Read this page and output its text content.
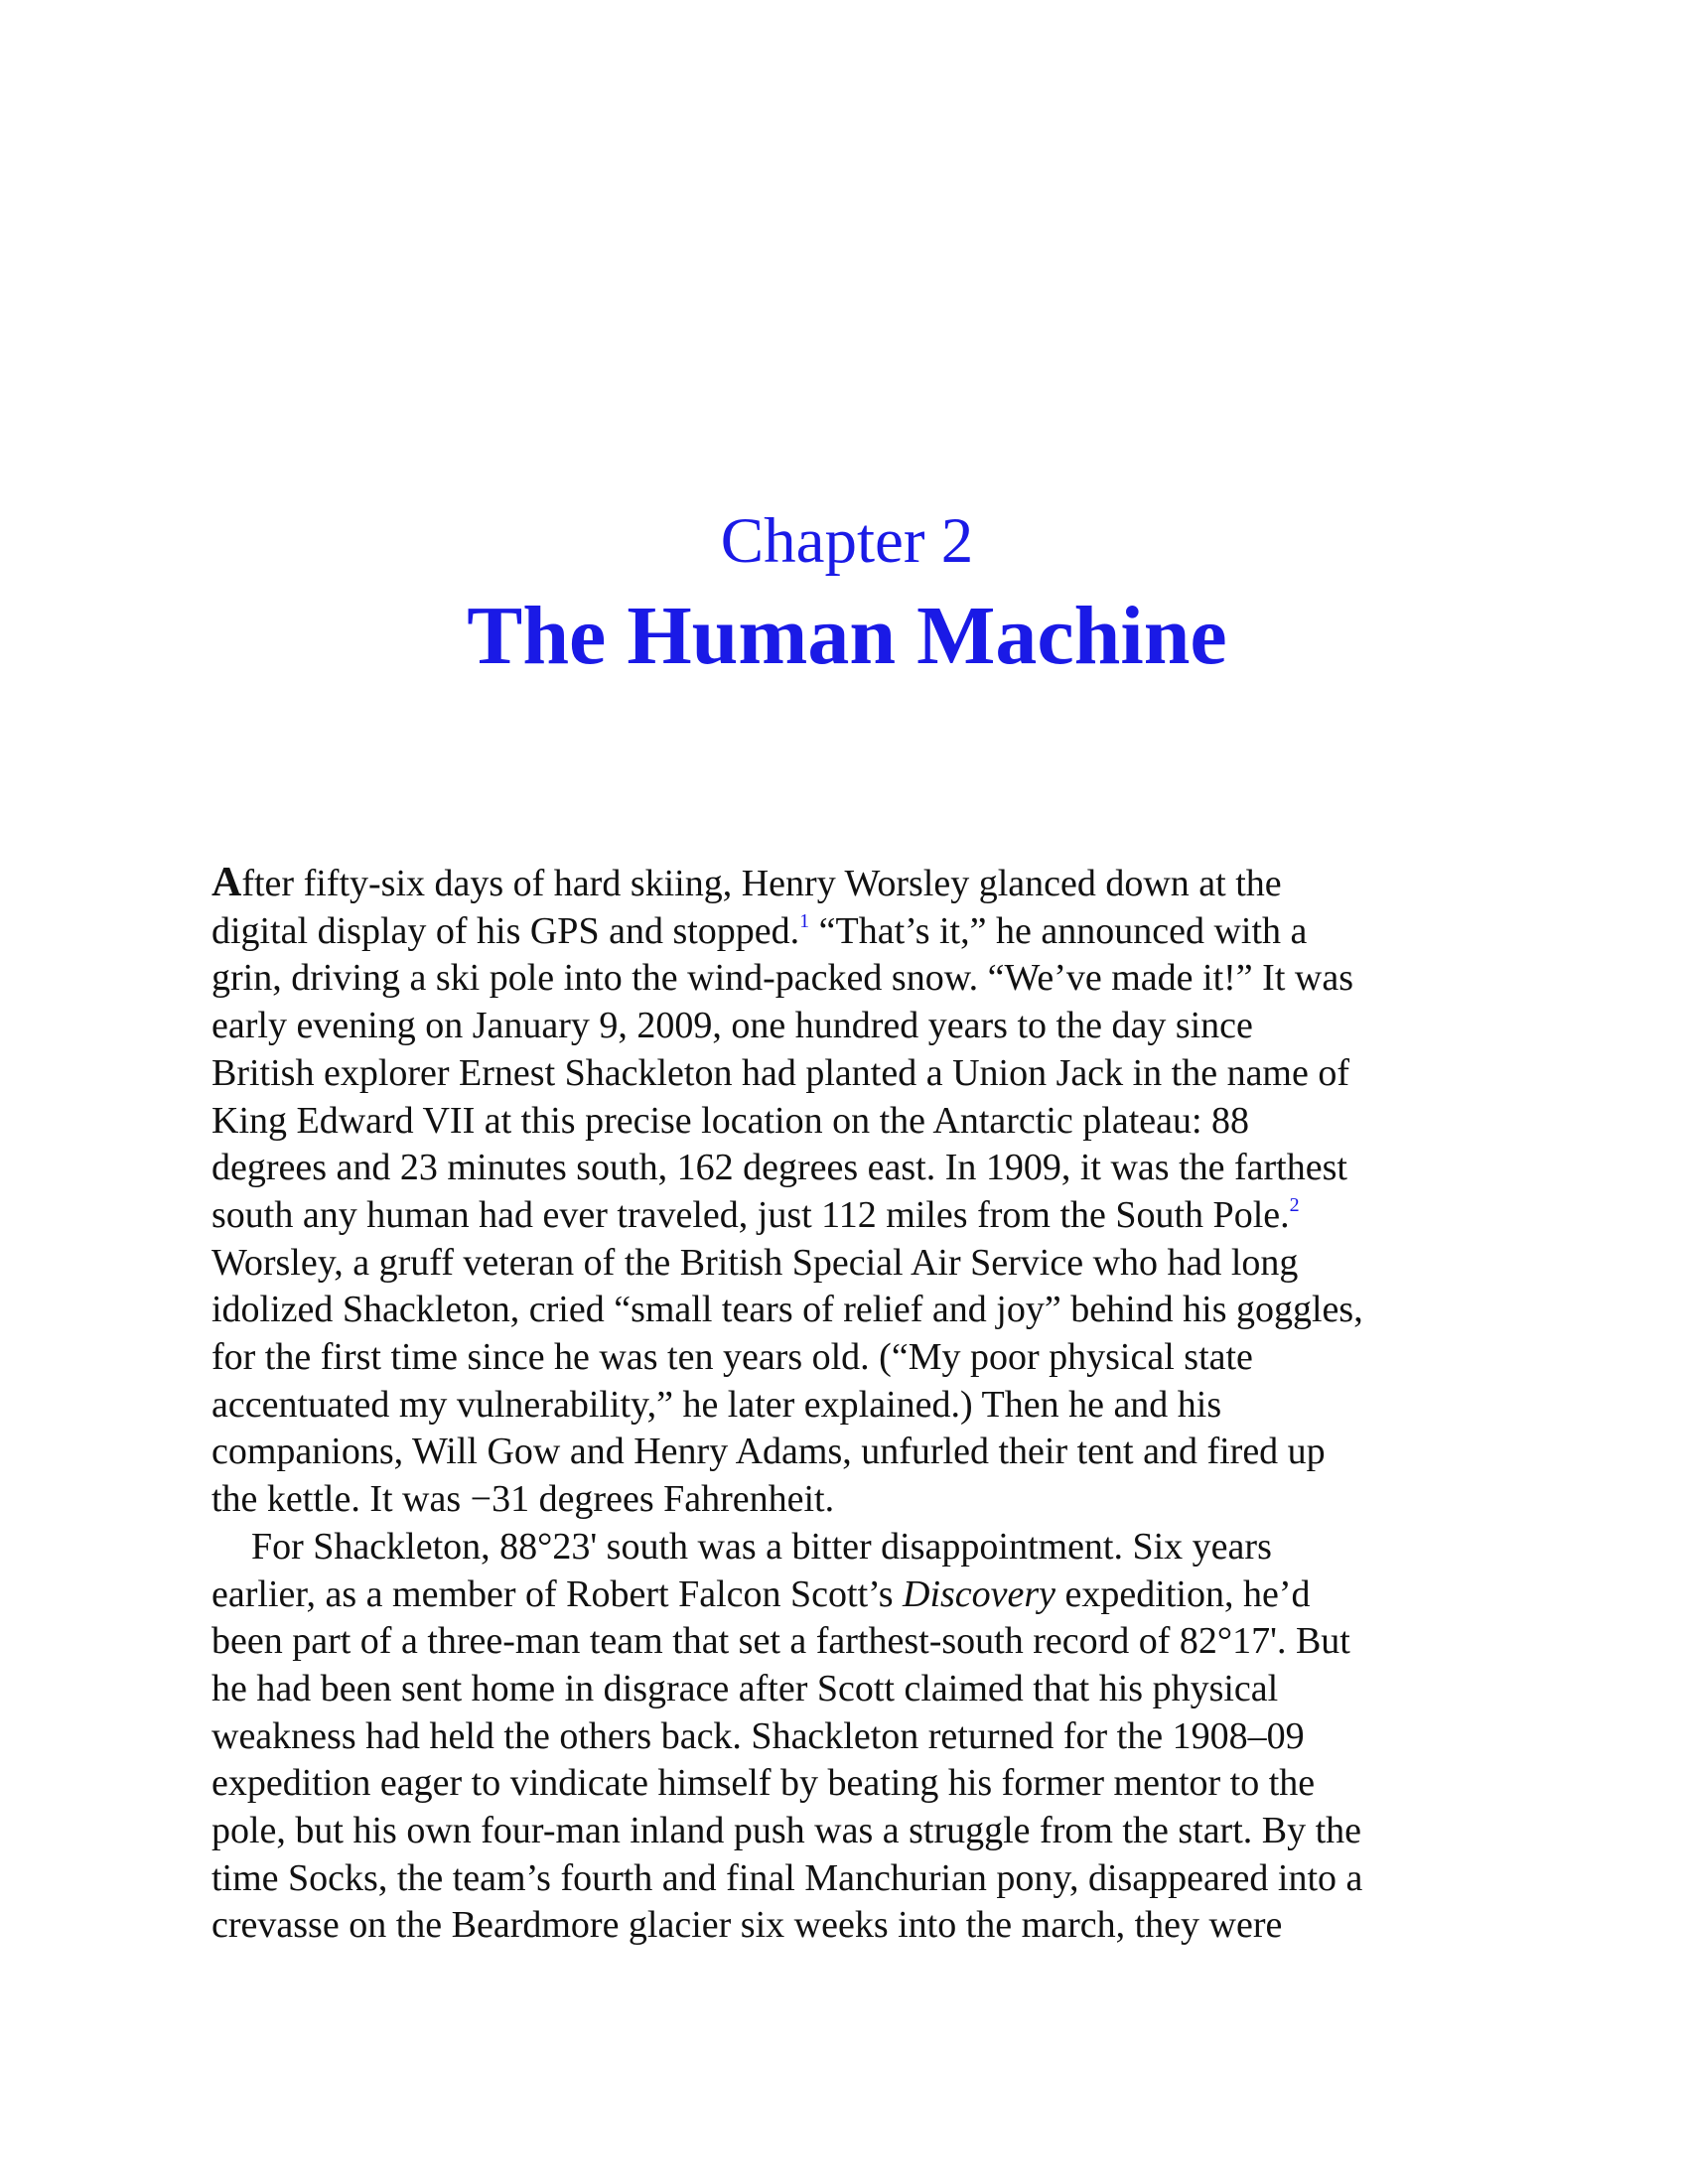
Chapter 2
The Human Machine
After fifty-six days of hard skiing, Henry Worsley glanced down at the
digital display of his GPS and stopped.$^1$ “That’s it,” he announced with a
grin, driving a ski pole into the wind-packed snow. “We’ve made it!” It was
early evening on January 9, 2009, one hundred years to the day since
British explorer Ernest Shackleton had planted a Union Jack in the name of
King Edward VII at this precise location on the Antarctic plateau: 88
degrees and 23 minutes south, 162 degrees east. In 1909, it was the farthest
south any human had ever traveled, just 112 miles from the South Pole.$^2$
Worsley, a gruff veteran of the British Special Air Service who had long
idolized Shackleton, cried “small tears of relief and joy” behind his goggles,
for the first time since he was ten years old. (“My poor physical state
accentuated my vulnerability,” he later explained.) Then he and his
companions, Will Gow and Henry Adams, unfurled their tent and fired up
the kettle. It was −31 degrees Fahrenheit.
For Shackleton, 88°23' south was a bitter disappointment. Six years
earlier, as a member of Robert Falcon Scott’s Discovery expedition, he’d
been part of a three-man team that set a farthest-south record of 82°17'. But
he had been sent home in disgrace after Scott claimed that his physical
weakness had held the others back. Shackleton returned for the 1908–09
expedition eager to vindicate himself by beating his former mentor to the
pole, but his own four-man inland push was a struggle from the start. By the
time Socks, the team’s fourth and final Manchurian pony, disappeared into a
crevasse on the Beardmore glacier six weeks into the march, they were
